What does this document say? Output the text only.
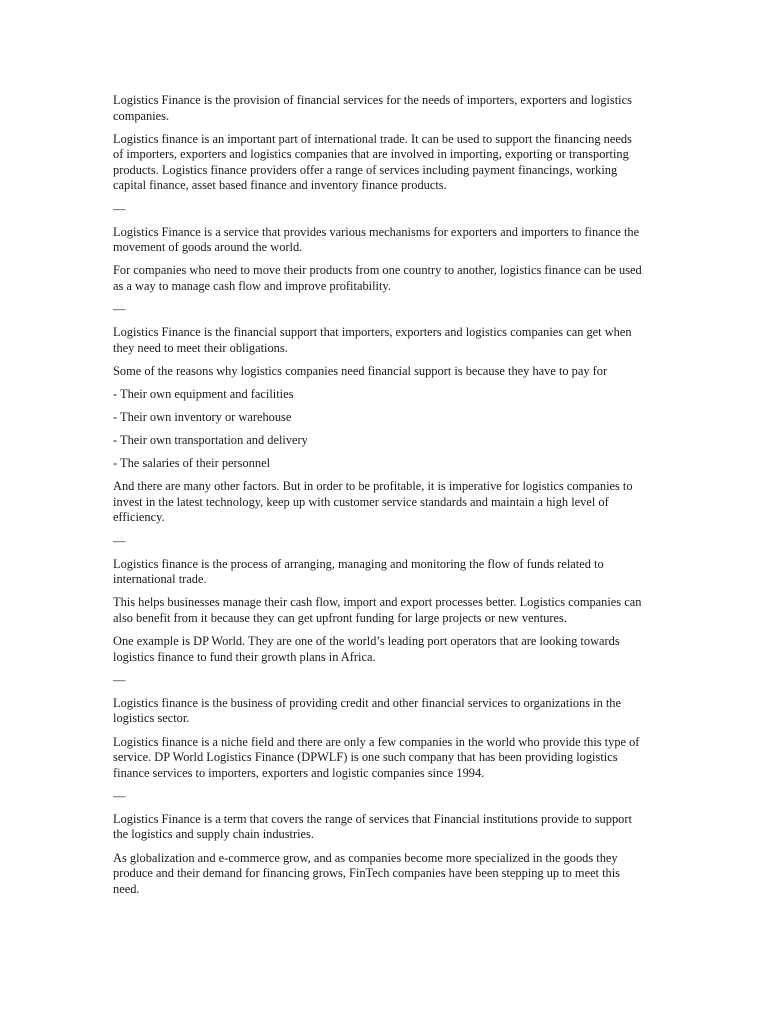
Logistics Finance is the provision of financial services for the needs of importers, exporters and logistics companies.

Logistics finance is an important part of international trade. It can be used to support the financing needs of importers, exporters and logistics companies that are involved in importing, exporting or transporting products. Logistics finance providers offer a range of services including payment financings, working capital finance, asset based finance and inventory finance products.

—

Logistics Finance is a service that provides various mechanisms for exporters and importers to finance the movement of goods around the world.

For companies who need to move their products from one country to another, logistics finance can be used as a way to manage cash flow and improve profitability.

—

Logistics Finance is the financial support that importers, exporters and logistics companies can get when they need to meet their obligations.

Some of the reasons why logistics companies need financial support is because they have to pay for

- Their own equipment and facilities

- Their own inventory or warehouse

- Their own transportation and delivery

- The salaries of their personnel

And there are many other factors. But in order to be profitable, it is imperative for logistics companies to invest in the latest technology, keep up with customer service standards and maintain a high level of efficiency.

—

Logistics finance is the process of arranging, managing and monitoring the flow of funds related to international trade.

This helps businesses manage their cash flow, import and export processes better. Logistics companies can also benefit from it because they can get upfront funding for large projects or new ventures.

One example is DP World. They are one of the world’s leading port operators that are looking towards logistics finance to fund their growth plans in Africa.

—

Logistics finance is the business of providing credit and other financial services to organizations in the logistics sector.

Logistics finance is a niche field and there are only a few companies in the world who provide this type of service. DP World Logistics Finance (DPWLF) is one such company that has been providing logistics finance services to importers, exporters and logistic companies since 1994.

—

Logistics Finance is a term that covers the range of services that Financial institutions provide to support the logistics and supply chain industries.

As globalization and e-commerce grow, and as companies become more specialized in the goods they produce and their demand for financing grows, FinTech companies have been stepping up to meet this need.
